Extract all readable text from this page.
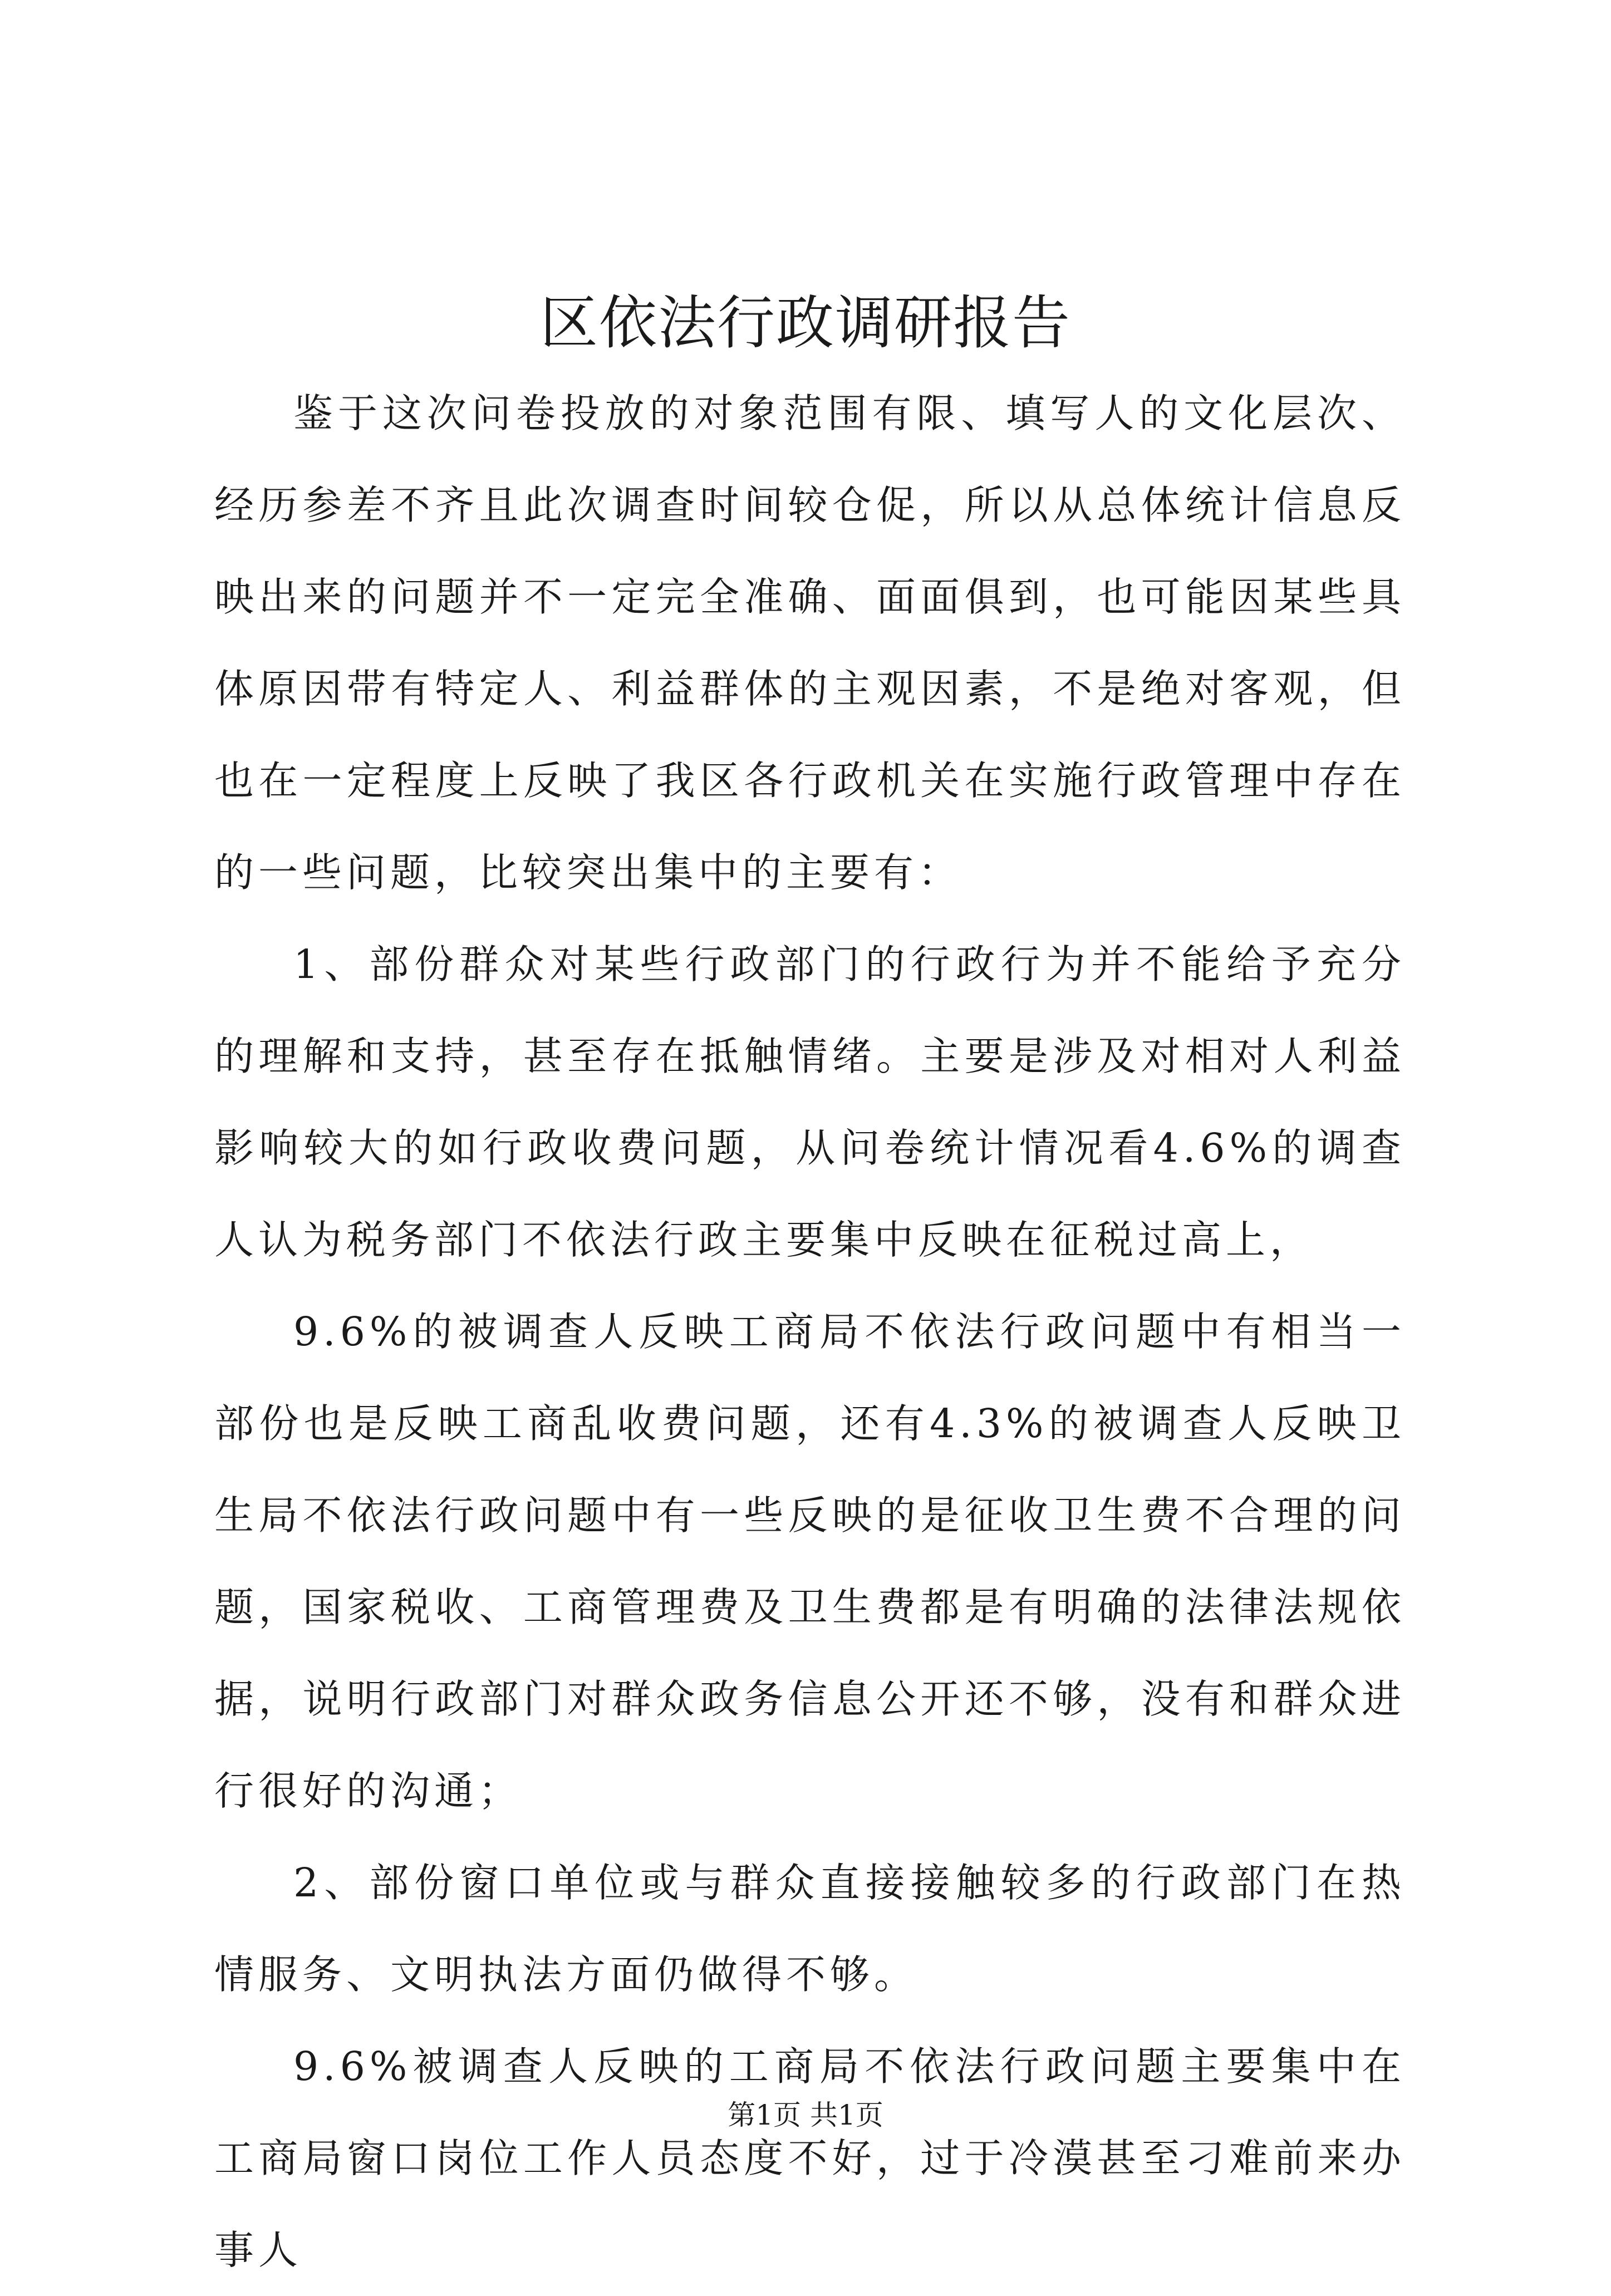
区依法行政调研报告

鉴于这次问卷投放的对象范围有限、填写人的文化层次、经历参差不齐且此次调查时间较仓促，所以从总体统计信息反映出来的问题并不一定完全准确、面面俱到，也可能因某些具体原因带有特定人、利益群体的主观因素，不是绝对客观，但也在一定程度上反映了我区各行政机关在实施行政管理中存在的一些问题，比较突出集中的主要有：

1、部份群众对某些行政部门的行政行为并不能给予充分的理解和支持，甚至存在抵触情绪。主要是涉及对相对人利益影响较大的如行政收费问题，从问卷统计情况看4.6%的调查人认为税务部门不依法行政主要集中反映在征税过高上，

9.6%的被调查人反映工商局不依法行政问题中有相当一部份也是反映工商乱收费问题，还有4.3%的被调查人反映卫生局不依法行政问题中有一些反映的是征收卫生费不合理的问题，国家税收、工商管理费及卫生费都是有明确的法律法规依据，说明行政部门对群众政务信息公开还不够，没有和群众进行很好的沟通；

2、部份窗口单位或与群众直接接触较多的行政部门在热情服务、文明执法方面仍做得不够。

9.6%被调查人反映的工商局不依法行政问题主要集中在工商局窗口岗位工作人员态度不好，过于冷漠甚至刁难前来办事人

第1页 共1页
